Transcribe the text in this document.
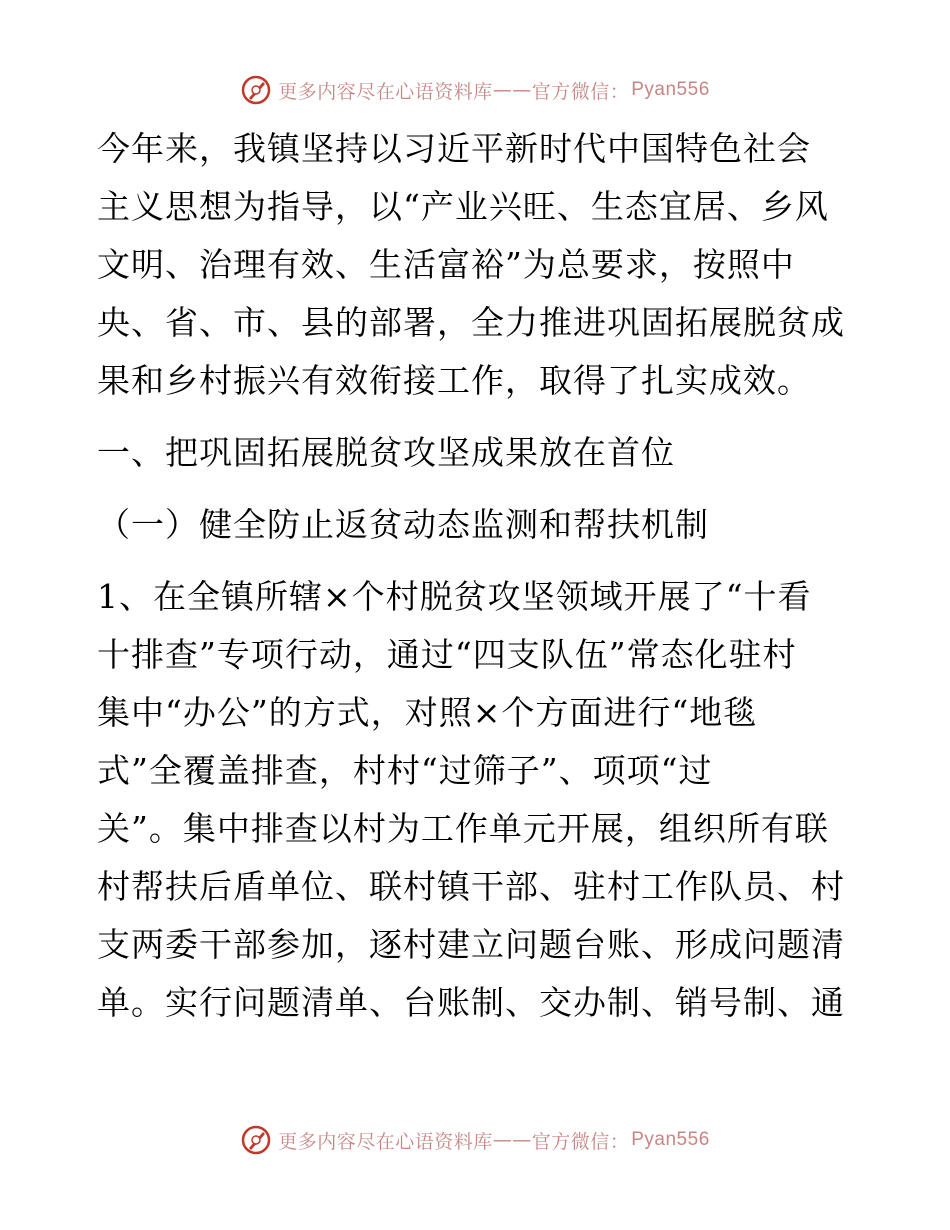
更多内容尽在心语资料库 —— 官方微信： Pyan556

今年来，我镇坚持以习近平新时代中国特色社会

主义思想为指导，以“产业兴旺、生态宜居、乡风

文明、治理有效、生活富裕”为总要求，按照中

央、省、市、县的部署，全力推进巩固拓展脱贫成

果和乡村振兴有效衔接工作，取得了扎实成效。

一、把巩固拓展脱贫攻坚成果放在首位

（一）健全防止返贫动态监测和帮扶机制

1、在全镇所辖×个村脱贫攻坚领域开展了“十看

十排查”专项行动，通过“四支队伍”常态化驻村

集中“办公”的方式，对照×个方面进行“地毯

式”全覆盖排查，村村“过筛子”、项项“过

关”。集中排查以村为工作单元开展，组织所有联

村帮扶后盾单位、联村镇干部、驻村工作队员、村

支两委干部参加，逐村建立问题台账、形成问题清

单。实行问题清单、台账制、交办制、销号制、通

更多内容尽在心语资料库 —— 官方微信： Pyan556
